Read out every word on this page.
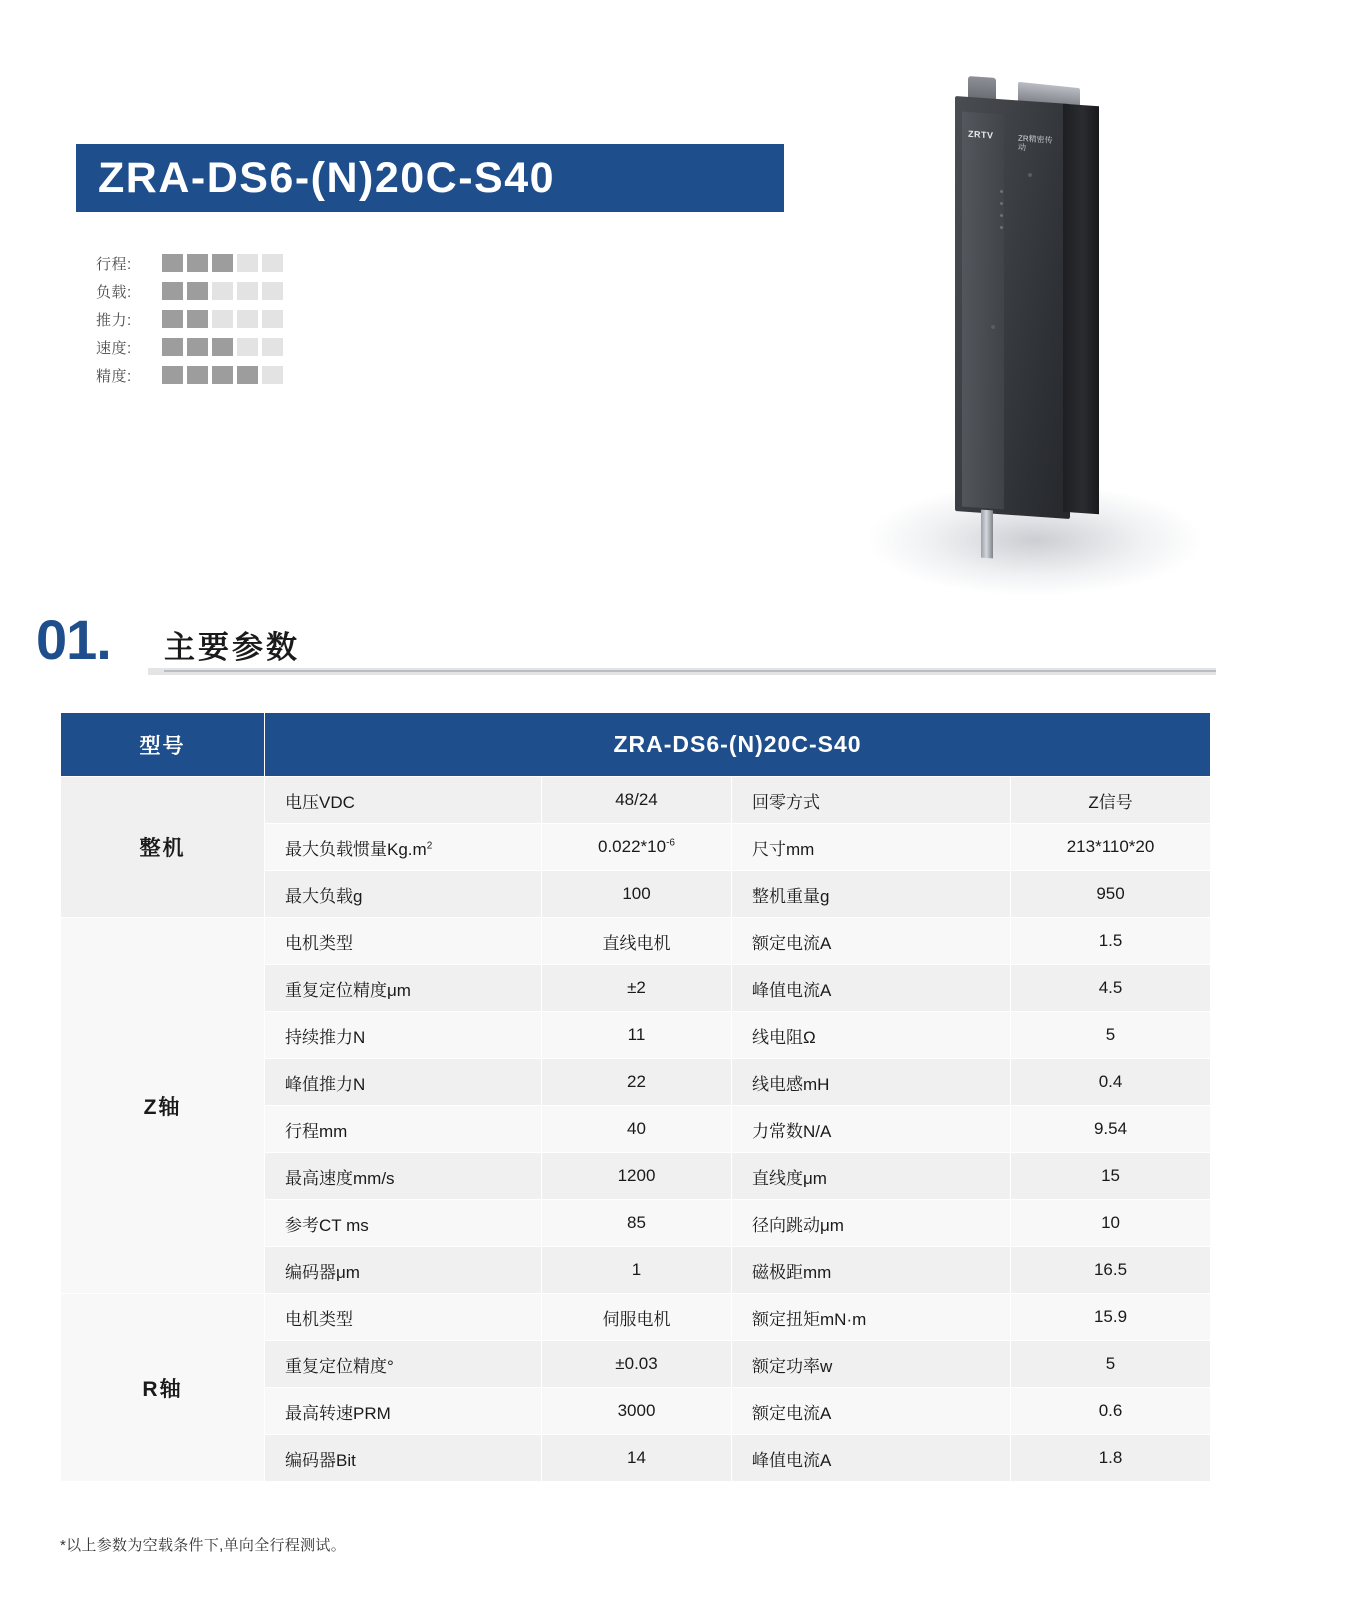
ZRA-DS6-(N)20C-S40
行程:
负载:
推力:
速度:
精度:
ZRTV	ZR精密传动
01. 主要参数
型号	ZRA-DS6-(N)20C-S40			
整机	电压VDC	48/24	回零方式	Z信号
	最大负载惯量$Kg.m^2$	$0.022*10^{-6}$	尺寸mm	213*110*20
	最大负载g	100	整机重量g	950
Z轴	电机类型	直线电机	额定电流A	1.5
	重复定位精度μm	±2	峰值电流A	4.5
	持续推力N	11	线电阻Ω	5
	峰值推力N	22	线电感mH	0.4
	行程mm	40	力常数N/A	9.54
	最高速度mm/s	1200	直线度μm	15
	参考CT ms	85	径向跳动μm	10
	编码器μm	1	磁极距mm	16.5
R轴	电机类型	伺服电机	额定扭矩mN·m	15.9
	重复定位精度°	±0.03	额定功率w	5
	最高转速PRM	3000	额定电流A	0.6
	编码器Bit	14	峰值电流A	1.8
*以上参数为空载条件下,单向全行程测试。
